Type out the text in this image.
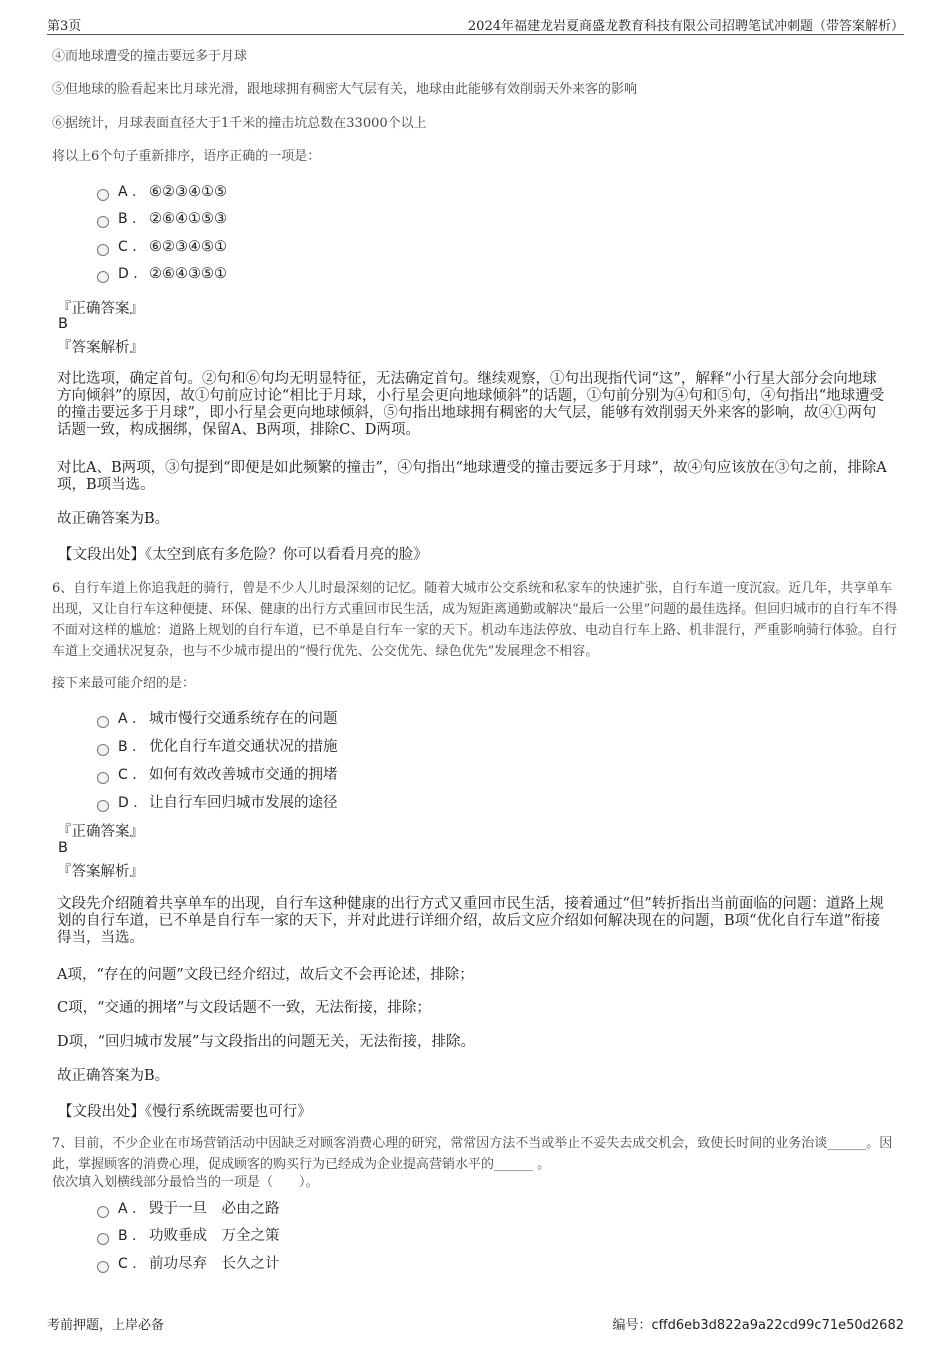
第3页	2024年福建龙岩夏商盛龙教育科技有限公司招聘笔试冲刺题（带答案解析）
④而地球遭受的撞击要远多于月球
⑤但地球的脸看起来比月球光滑，跟地球拥有稠密大气层有关，地球由此能够有效削弱天外来客的影响
⑥据统计，月球表面直径大于1千米的撞击坑总数在33000个以上
将以上6个句子重新排序，语序正确的一项是：
A . ⑥②③④①⑤
B . ②⑥④①⑤③
C . ⑥②③④⑤①
D . ②⑥④③⑤①
『正确答案』
B
『答案解析』
对比选项，确定首句。②句和⑥句均无明显特征，无法确定首句。继续观察，①句出现指代词“这”，解释“小行星大部分会向地球方向倾斜”的原因，故①句前应讨论“相比于月球，小行星会更向地球倾斜”的话题，①句前分别为④句和⑤句，④句指出“地球遭受的撞击要远多于月球”，即小行星会更向地球倾斜，⑤句指出地球拥有稠密的大气层，能够有效削弱天外来客的影响，故④①两句话题一致，构成捆绑，保留A、B两项，排除C、D两项。
对比A、B两项，③句提到“即便是如此频繁的撞击”，④句指出“地球遭受的撞击要远多于月球”，故④句应该放在③句之前，排除A项，B项当选。
故正确答案为B。
【文段出处】《太空到底有多危险？你可以看看月亮的脸》
6、自行车道上你追我赶的骑行，曾是不少人儿时最深刻的记忆。随着大城市公交系统和私家车的快速扩张，自行车道一度沉寂。近几年，共享单车出现，又让自行车这种便捷、环保、健康的出行方式重回市民生活，成为短距离通勤或解决“最后一公里”问题的最佳选择。但回归城市的自行车不得不面对这样的尴尬：道路上规划的自行车道，已不单是自行车一家的天下。机动车违法停放、电动自行车上路、机非混行，严重影响骑行体验。自行车道上交通状况复杂，也与不少城市提出的“慢行优先、公交优先、绿色优先”发展理念不相容。
接下来最可能介绍的是：
A . 城市慢行交通系统存在的问题
B . 优化自行车道交通状况的措施
C . 如何有效改善城市交通的拥堵
D . 让自行车回归城市发展的途径
『正确答案』
B
『答案解析』
文段先介绍随着共享单车的出现，自行车这种健康的出行方式又重回市民生活，接着通过“但”转折指出当前面临的问题：道路上规划的自行车道，已不单是自行车一家的天下，并对此进行详细介绍，故后文应介绍如何解决现在的问题，B项“优化自行车道”衔接得当，当选。
A项，“存在的问题”文段已经介绍过，故后文不会再论述，排除；
C项，“交通的拥堵”与文段话题不一致，无法衔接，排除；
D项，“回归城市发展”与文段指出的问题无关，无法衔接，排除。
故正确答案为B。
【文段出处】《慢行系统既需要也可行》
7、目前，不少企业在市场营销活动中因缺乏对顾客消费心理的研究，常常因方法不当或举止不妥失去成交机会，致使长时间的业务治谈______。因此，掌握顾客的消费心理，促成顾客的购买行为已经成为企业提高营销水平的______ 。
依次填入划横线部分最恰当的一项是（　　）。
A . 毁于一旦　必由之路
B . 功败垂成　万全之策
C . 前功尽弃　长久之计
考前押题，上岸必备	编号：cffd6eb3d822a9a22cd99c71e50d2682
